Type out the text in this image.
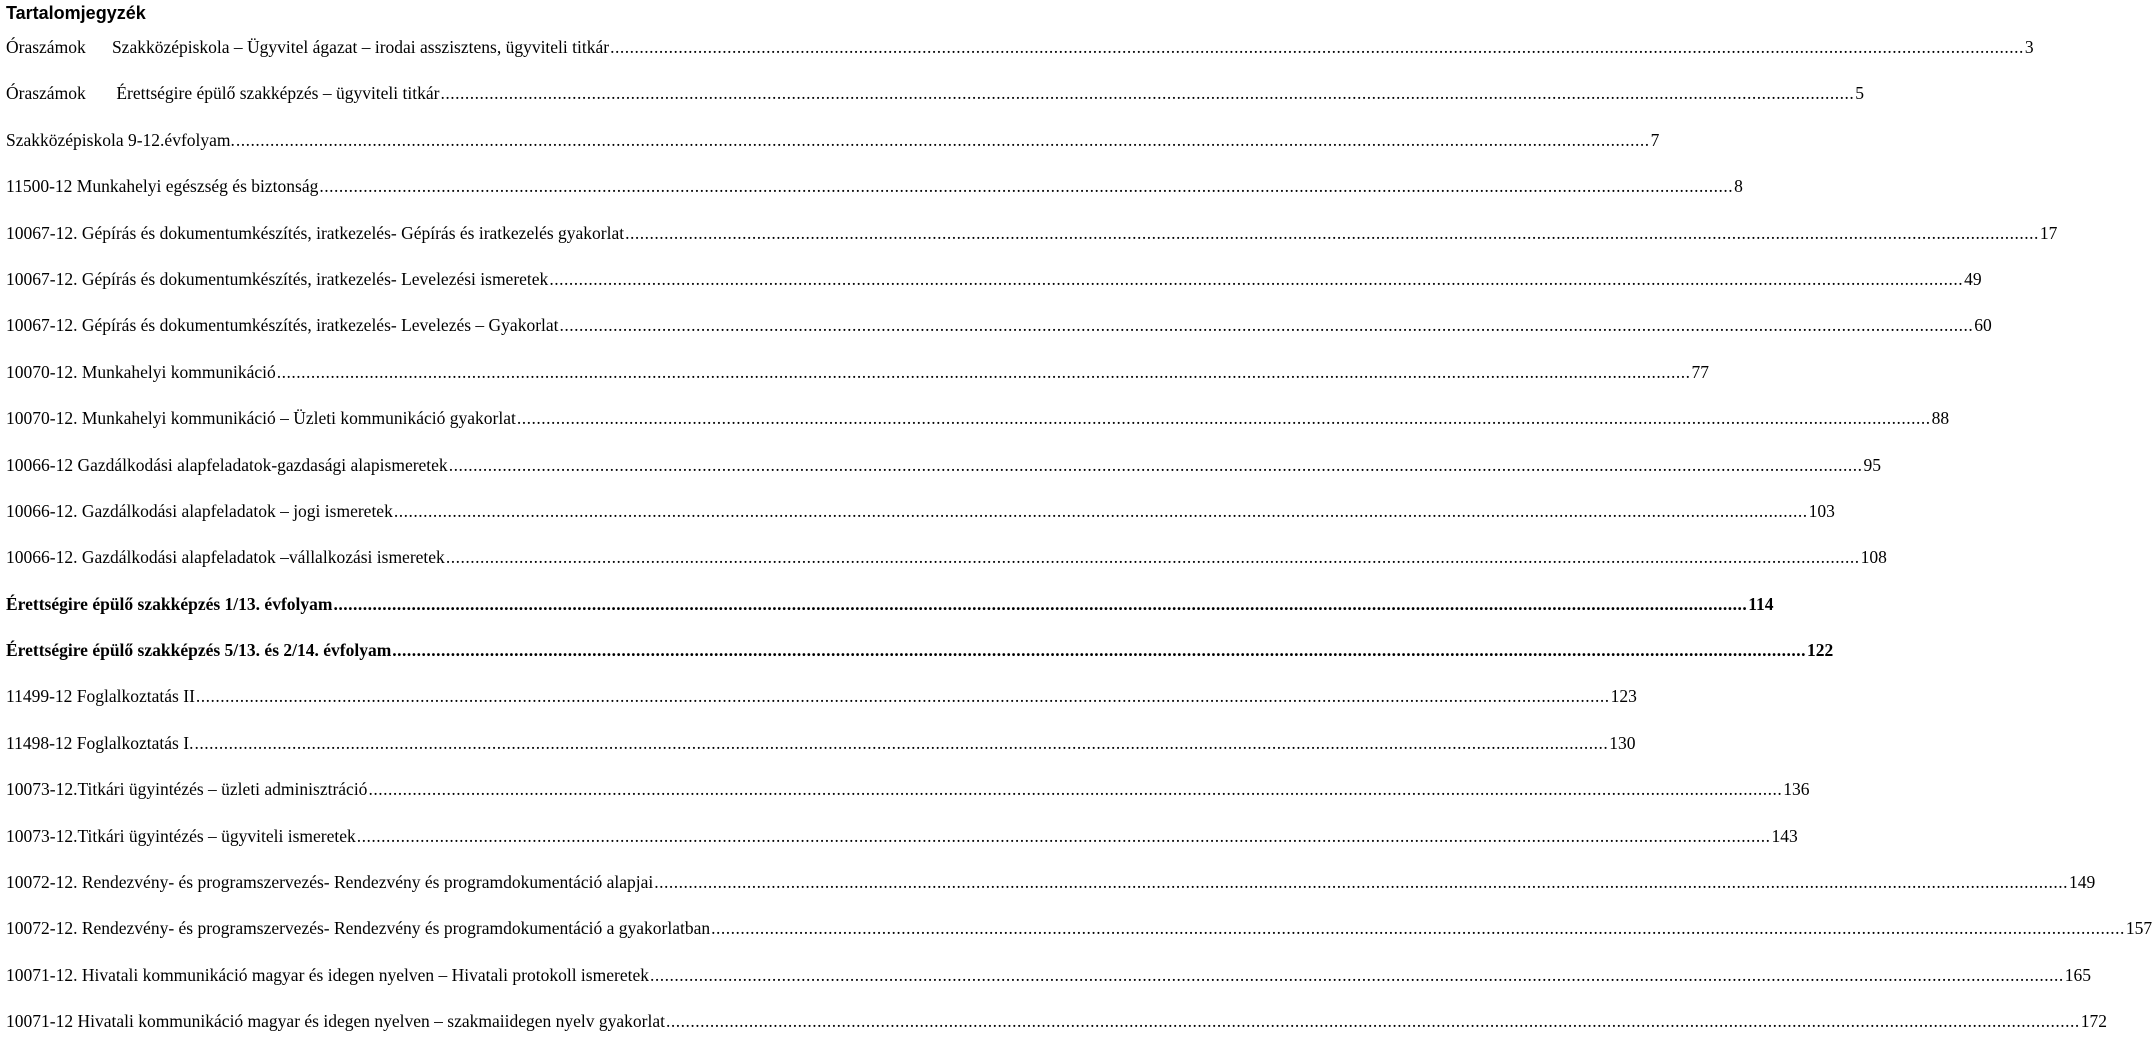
Tartalomjegyzék
Óraszámok      Szakközépiskola – Ügyvitel ágazat – irodai asszisztens, ügyviteli titkár .....	3
Óraszámok       Érettségire épülő szakképzés – ügyviteli titkár .....	5
Szakközépiskola 9-12.évfolyam. .....	7
11500-12 Munkahelyi egészség és biztonság .....	8
10067-12. Gépírás és dokumentumkészítés, iratkezelés- Gépírás és iratkezelés gyakorlat .....	17
10067-12. Gépírás és dokumentumkészítés, iratkezelés- Levelezési ismeretek .....	49
10067-12. Gépírás és dokumentumkészítés, iratkezelés- Levelezés – Gyakorlat .....	60
10070-12. Munkahelyi kommunikáció .....	77
10070-12. Munkahelyi kommunikáció – Üzleti kommunikáció gyakorlat .....	88
10066-12 Gazdálkodási alapfeladatok-gazdasági alapismeretek .....	95
10066-12. Gazdálkodási alapfeladatok – jogi ismeretek .....	103
10066-12. Gazdálkodási alapfeladatok –vállalkozási ismeretek .....	108
Érettségire épülő szakképzés 1/13. évfolyam .....	114
Érettségire épülő szakképzés 5/13. és 2/14. évfolyam .....	122
11499-12 Foglalkoztatás II .....	123
11498-12 Foglalkoztatás I. .....	130
10073-12.Titkári ügyintézés – üzleti adminisztráció .....	136
10073-12.Titkári ügyintézés – ügyviteli ismeretek .....	143
10072-12. Rendezvény- és programszervezés- Rendezvény és programdokumentáció alapjai .....	149
10072-12. Rendezvény- és programszervezés- Rendezvény és programdokumentáció a gyakorlatban .....	157
10071-12. Hivatali kommunikáció magyar és idegen nyelven – Hivatali protokoll ismeretek .....	165
10071-12 Hivatali kommunikáció magyar és idegen nyelven – szakmaiidegen nyelv gyakorlat .....	172
